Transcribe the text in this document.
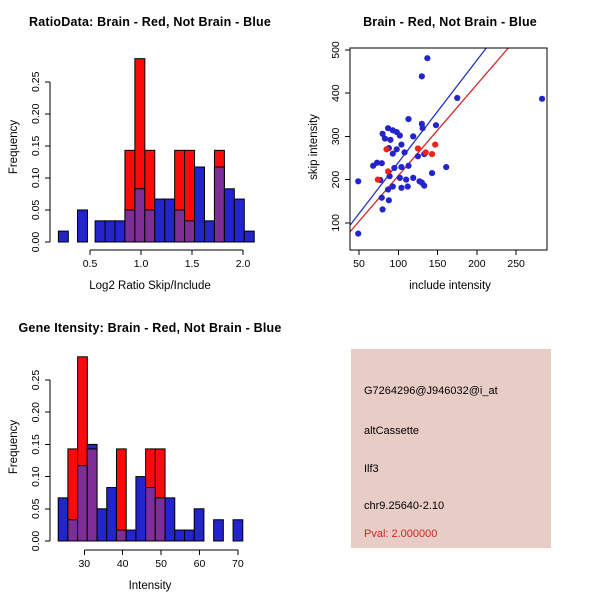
0.5	1.0	1.5	2.0
0.00
0.05
0.10
0.15
0.20
0.25
RatioData: Brain - Red, Not Brain - Blue
Log2 Ratio Skip/Include
Frequency
50 100 150 200 250
100
200
300
400
500
Brain - Red, Not Brain - Blue
include intensity
skip intensity
30	40	50	60	70
0.00
0.05
0.10
0.15
0.20
0.25
Gene Itensity: Brain - Red, Not Brain - Blue
Intensity
Frequency
G7264296@J946032@i_at
altCassette
Ilf3
chr9.25640-2.10
Pval: 2.000000
